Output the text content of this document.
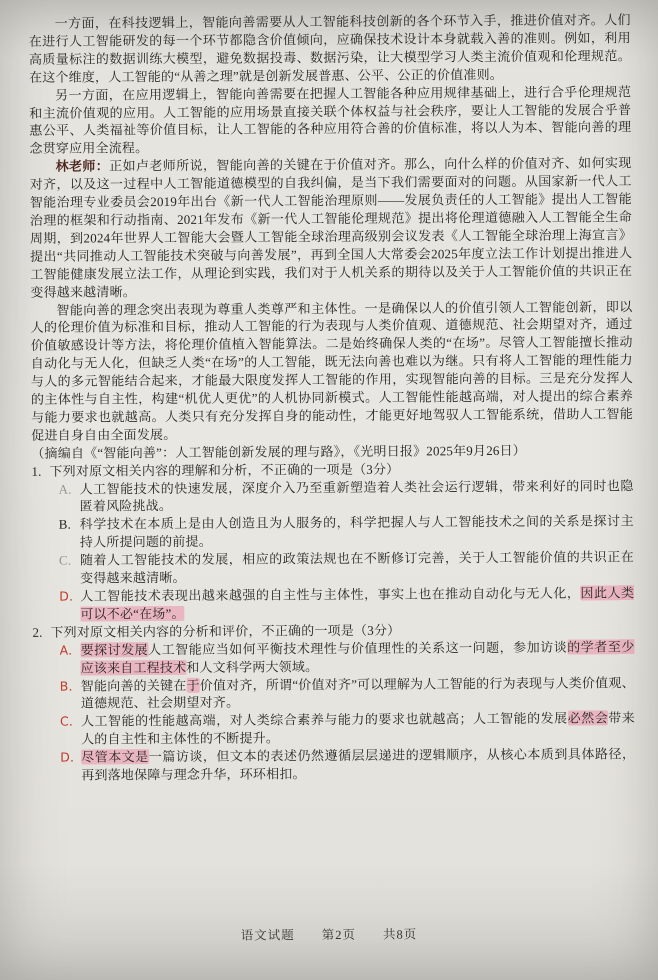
一方面，在科技逻辑上，智能向善需要从人工智能科技创新的各个环节入手，推进价值对齐。人们在进行人工智能研发的每一个环节都隐含价值倾向，应确保技术设计本身就载入善的准则。例如，利用高质量标注的数据训练大模型，避免数据投毒、数据污染，让大模型学习人类主流价值观和伦理规范。在这个维度，人工智能的“从善之理”就是创新发展普惠、公平、公正的价值准则。

另一方面，在应用逻辑上，智能向善需要在把握人工智能各种应用规律基础上，进行合乎伦理规范和主流价值观的应用。人工智能的应用场景直接关联个体权益与社会秩序，要让人工智能的发展合乎普惠公平、人类福祉等价值目标，让人工智能的各种应用符合善的价值标准，将以人为本、智能向善的理念贯穿应用全流程。

林老师：正如卢老师所说，智能向善的关键在于价值对齐。那么，向什么样的价值对齐、如何实现对齐，以及这一过程中人工智能道德模型的自我纠偏，是当下我们需要面对的问题。从国家新一代人工智能治理专业委员会2019年出台《新一代人工智能治理原则——发展负责任的人工智能》提出人工智能治理的框架和行动指南、2021年发布《新一代人工智能伦理规范》提出将伦理道德融入人工智能全生命周期，到2024年世界人工智能大会暨人工智能全球治理高级别会议发表《人工智能全球治理上海宣言》提出“共同推动人工智能技术突破与向善发展”，再到全国人大常委会2025年度立法工作计划提出推进人工智能健康发展立法工作，从理论到实践，我们对于人机关系的期待以及关于人工智能价值的共识正在变得越来越清晰。

智能向善的理念突出表现为尊重人类尊严和主体性。一是确保以人的价值引领人工智能创新，即以人的伦理价值为标准和目标，推动人工智能的行为表现与人类价值观、道德规范、社会期望对齐，通过价值敏感设计等方法，将伦理价值植入智能算法。二是始终确保人类的“在场”。尽管人工智能擅长推动自动化与无人化，但缺乏人类“在场”的人工智能，既无法向善也难以为继。只有将人工智能的理性能力与人的多元智能结合起来，才能最大限度发挥人工智能的作用，实现智能向善的目标。三是充分发挥人的主体性与自主性，构建“机优人更优”的人机协同新模式。人工智能性能越高端，对人提出的综合素养与能力要求也就越高。人类只有充分发挥自身的能动性，才能更好地驾驭人工智能系统，借助人工智能促进自身自由全面发展。

（摘编自《“智能向善”：人工智能创新发展的理与路》，《光明日报》2025年9月26日）

1.下列对原文相关内容的理解和分析，不正确的一项是（3分）
A. 人工智能技术的快速发展，深度介入乃至重新塑造着人类社会运行逻辑，带来利好的同时也隐匿着风险挑战。
B. 科学技术在本质上是由人创造且为人服务的，科学把握人与人工智能技术之间的关系是探讨主持人所提问题的前提。
C. 随着人工智能技术的发展，相应的政策法规也在不断修订完善，关于人工智能价值的共识正在变得越来越清晰。
D. 人工智能技术表现出越来越强的自主性与主体性，事实上也在推动自动化与无人化，因此人类可以不必“在场”。
2.下列对原文相关内容的分析和评价，不正确的一项是（3分）
A. 要探讨发展人工智能应当如何平衡技术理性与价值理性的关系这一问题，参加访谈的学者至少应该来自工程技术和人文科学两大领域。
B. 智能向善的关键在于价值对齐，所谓“价值对齐”可以理解为人工智能的行为表现与人类价值观、道德规范、社会期望对齐。
C. 人工智能的性能越高端，对人类综合素养与能力的要求也就越高；人工智能的发展必然会带来人的自主性和主体性的不断提升。
D. 尽管本文是一篇访谈，但文本的表述仍然遵循层层递进的逻辑顺序，从核心本质到具体路径，再到落地保障与理念升华，环环相扣。
语文试题　　第2页　　共8页
